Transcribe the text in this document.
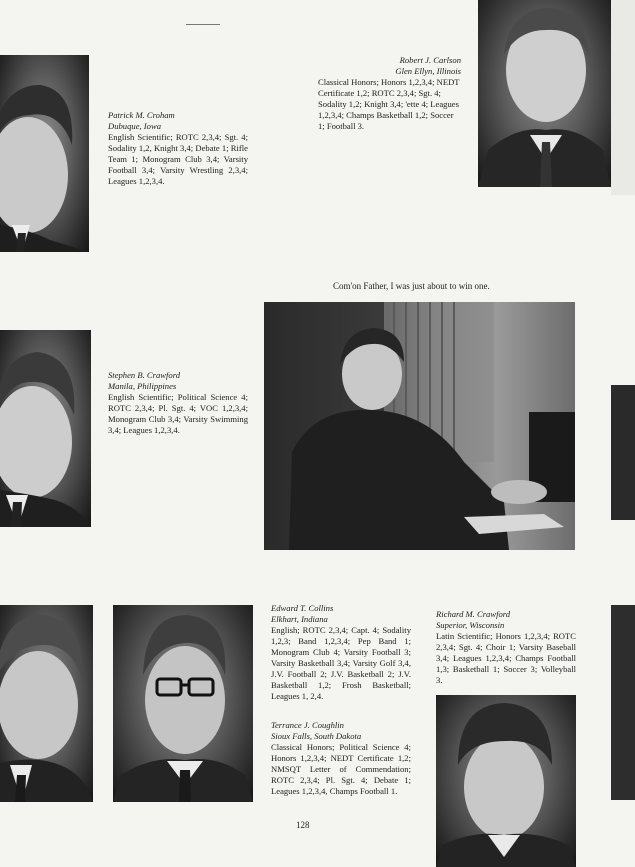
Robert J. Carlson
Glen Ellyn, Illinois
Classical Honors; Honors 1,2,3,4; NEDT Certificate 1,2; ROTC 2,3,4; Sgt. 4; Sodality 1,2; Knight 3,4; 'ette 4; Leagues 1,2,3,4; Champs Basketball 1,2; Soccer 1; Football 3.
Patrick M. Croham
Dubuque, Iowa
English Scientific; ROTC 2,3,4; Sgt. 4; Sodality 1,2, Knight 3,4; Debate 1; Rifle Team 1; Monogram Club 3,4; Varsity Football 3,4; Varsity Wrestling 2,3,4; Leagues 1,2,3,4.
Com'on Father, I was just about to win one.
Stephen B. Crawford
Manila, Philippines
English Scientific; Political Science 4; ROTC 2,3,4; Pl. Sgt. 4; VOC 1,2,3,4; Monogram Club 3,4; Varsity Swimming 3,4; Leagues 1,2,3,4.
Edward T. Collins
Elkhart, Indiana
English; ROTC 2,3,4; Capt. 4; Sodality 1,2,3; Band 1,2,3,4; Pep Band 1; Monogram Club 4; Varsity Football 3; Varsity Basketball 3,4; Varsity Golf 3,4, J.V. Football 2; J.V. Basketball 2; J.V. Basketball 1,2; Frosh Basketball; Leagues 1, 2,4.
Terrance J. Coughlin
Sioux Falls, South Dakota
Classical Honors; Political Science 4; Honors 1,2,3,4; NEDT Certificate 1,2; NMSQT Letter of Commendation; ROTC 2,3,4; Pl. Sgt. 4; Debate 1; Leagues 1,2,3,4, Champs Football 1.
Richard M. Crawford
Superior, Wisconsin
Latin Scientific; Honors 1,2,3,4; ROTC 2,3,4; Sgt. 4; Choir 1; Varsity Baseball 3,4; Leagues 1,2,3,4; Champs Football 1,3; Basketball 1; Soccer 3; Volleyball 3.
128
